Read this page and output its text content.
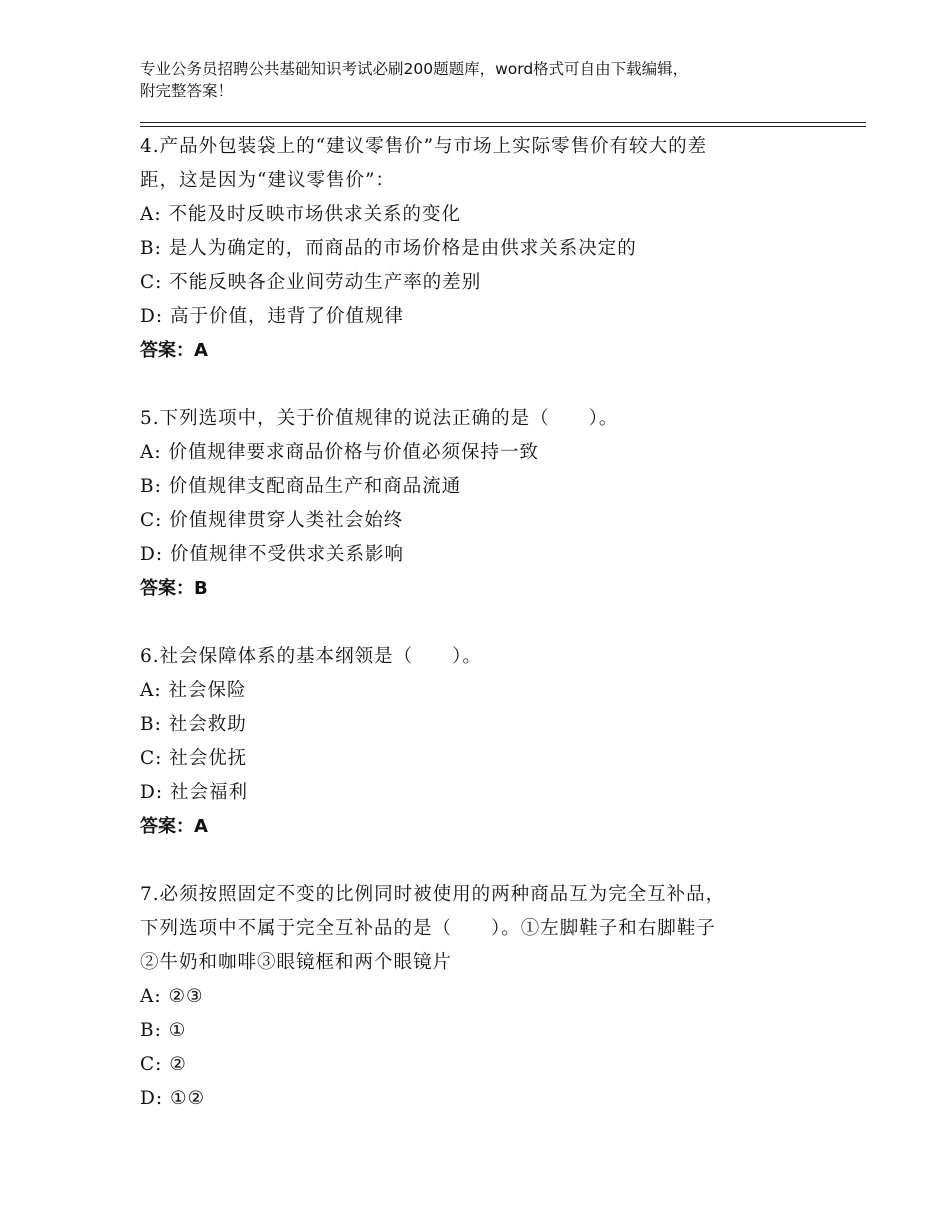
专业公务员招聘公共基础知识考试必刷200题题库，word格式可自由下载编辑，
附完整答案！
4.产品外包装袋上的“建议零售价”与市场上实际零售价有较大的差
距，这是因为“建议零售价”：
A: 不能及时反映市场供求关系的变化
B: 是人为确定的，而商品的市场价格是由供求关系决定的
C: 不能反映各企业间劳动生产率的差别
D: 高于价值，违背了价值规律
答案：A
5.下列选项中，关于价值规律的说法正确的是（　　）。
A: 价值规律要求商品价格与价值必须保持一致
B: 价值规律支配商品生产和商品流通
C: 价值规律贯穿人类社会始终
D: 价值规律不受供求关系影响
答案：B
6.社会保障体系的基本纲领是（　　）。
A: 社会保险
B: 社会救助
C: 社会优抚
D: 社会福利
答案：A
7.必须按照固定不变的比例同时被使用的两种商品互为完全互补品，
下列选项中不属于完全互补品的是（　　）。①左脚鞋子和右脚鞋子
②牛奶和咖啡③眼镜框和两个眼镜片
A: ②③
B: ①
C: ②
D: ①②
